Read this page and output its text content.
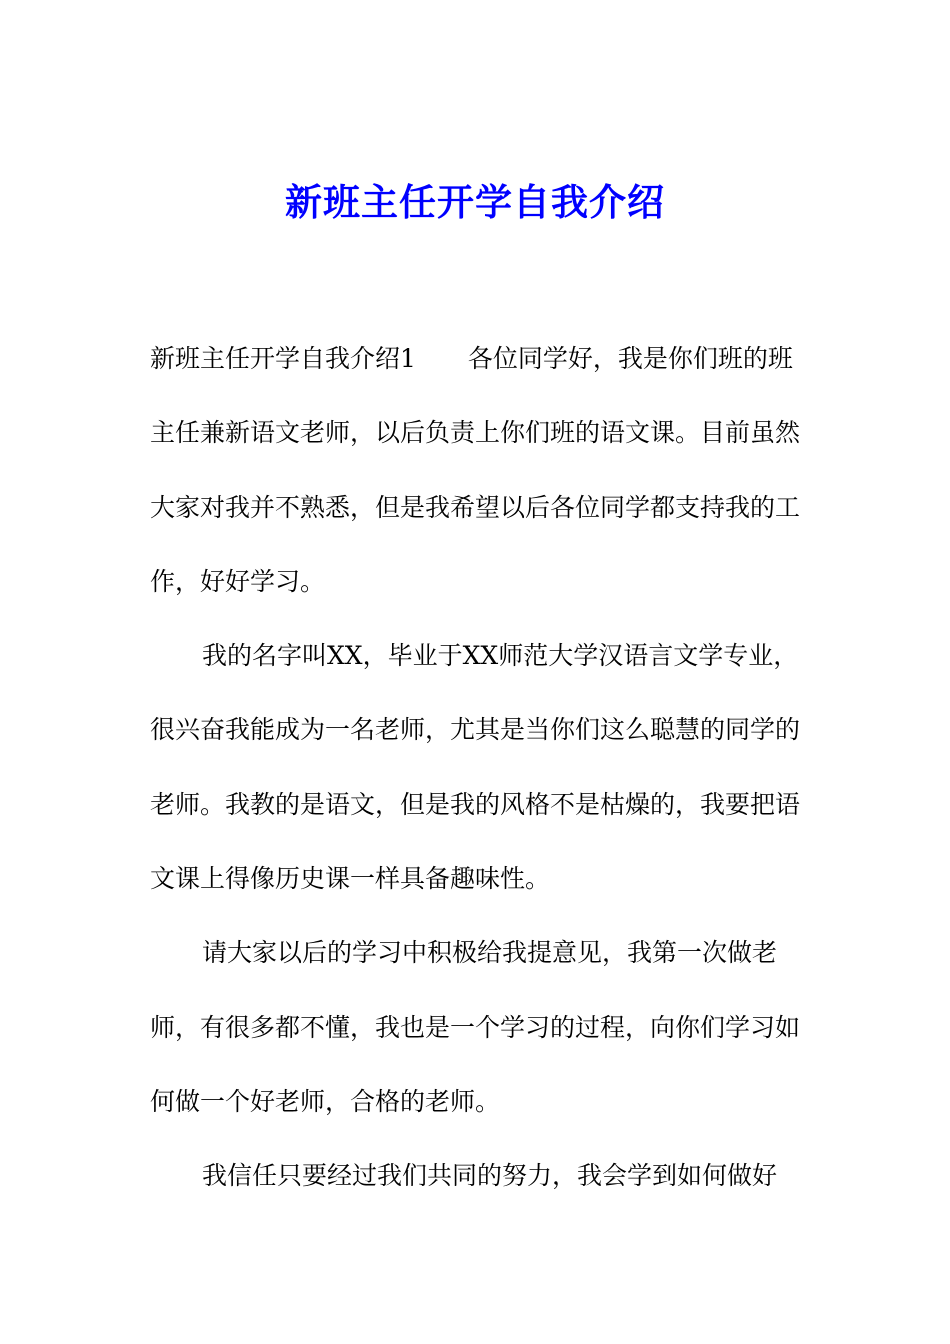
新班主任开学自我介绍

新班主任开学自我介绍1 各位同学好，我是你们班的班主任兼新语文老师，以后负责上你们班的语文课。目前虽然大家对我并不熟悉，但是我希望以后各位同学都支持我的工作，好好学习。

我的名字叫XX，毕业于XX师范大学汉语言文学专业，很兴奋我能成为一名老师，尤其是当你们这么聪慧的同学的老师。我教的是语文，但是我的风格不是枯燥的，我要把语文课上得像历史课一样具备趣味性。

请大家以后的学习中积极给我提意见，我第一次做老师，有很多都不懂，我也是一个学习的过程，向你们学习如何做一个好老师，合格的老师。

我信任只要经过我们共同的努力，我会学到如何做好
